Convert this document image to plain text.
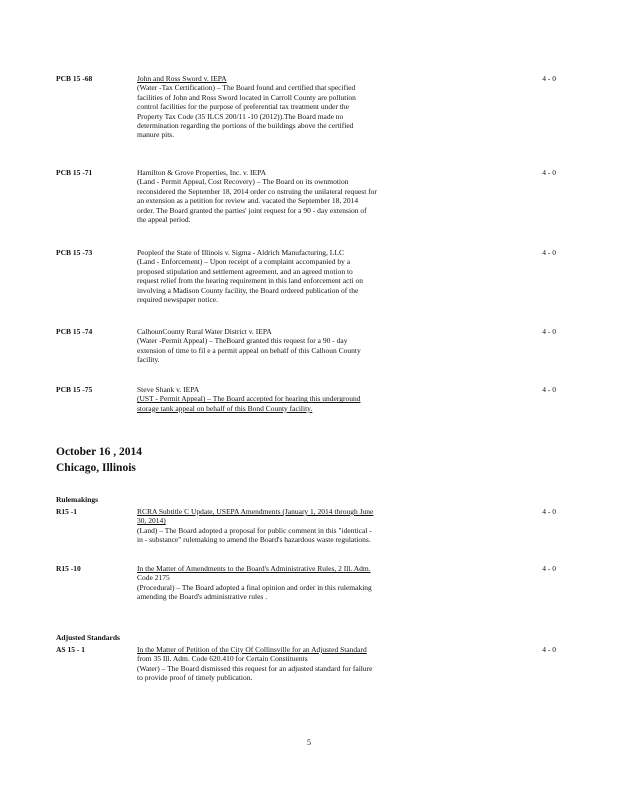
PCB 15 -68	John and Ross Sword v. IEPA
(Water -Tax Certification) – The Board found and certified that specified
facilities of John and Ross Sword located in Carroll County are pollution
control facilities for the purpose of preferential tax treatment under the
Property Tax Code (35 ILCS 200/11 -10 (2012)).The Board made no
determination regarding the portions of the buildings above the certified
manure pits.
4 - 0
PCB 15 -71	Hamilton & Grove Properties, Inc. v. IEPA
(Land - Permit Appeal, Cost Recovery) – The Board on its ownmotion
reconsidered the September 18, 2014 order co nstruing the unilateral request for
an extension as a petition for review and. vacated the September 18, 2014
order. The Board granted the parties' joint request for a 90 - day extension of
the appeal period.
4 - 0
PCB 15 -73	Peopleof the State of Illinois v. Sigma - Aldrich Manufacturing, LLC
(Land - Enforcement) – Upon receipt of a complaint accompanied by a
proposed stipulation and settlement agreement, and an agreed motion to
request relief from the hearing requirement in this land enforcement acti on
involving a Madison County facility, the Board ordered publication of the
required newspaper notice.
4 - 0
PCB 15 -74	CalhounCounty Rural Water District v. IEPA
(Water -Permit Appeal) – TheBoard granted this request for a 90 - day
extension of time to fil e a permit appeal on behalf of this Calhoun County
facility.
4 - 0
PCB 15 -75	Steve Shank v. IEPA
(UST - Permit Appeal) – The Board accepted for hearing this underground
storage tank appeal on behalf of this Bond County facility.
4 - 0
October 16 , 2014
Chicago, Illinois
Rulemakings
R15 -1	RCRA Subtitle C Update, USEPA Amendments (January 1, 2014 through June
30, 2014)
(Land) – The Board adopted a proposal for public comment in this "identical -
in - substance" rulemaking to amend the Board's hazardous waste regulations.
4 - 0
R15 -10	In the Matter of Amendments to the Board's Administrative Rules, 2 Ill. Adm.
Code 2175
(Procedural) – The Board adopted a final opinion and order in this rulemaking
amending the Board's administrative rules .
4 - 0
Adjusted Standards
AS 15 - 1	In the Matter of Petition of the City Of Collinsville for an Adjusted Standard
from 35 Ill. Adm. Code 620.410 for Certain Constituents
(Water) – The Board dismissed this request for an adjusted standard for failure
to provide proof of timely publication.
4 - 0
5
